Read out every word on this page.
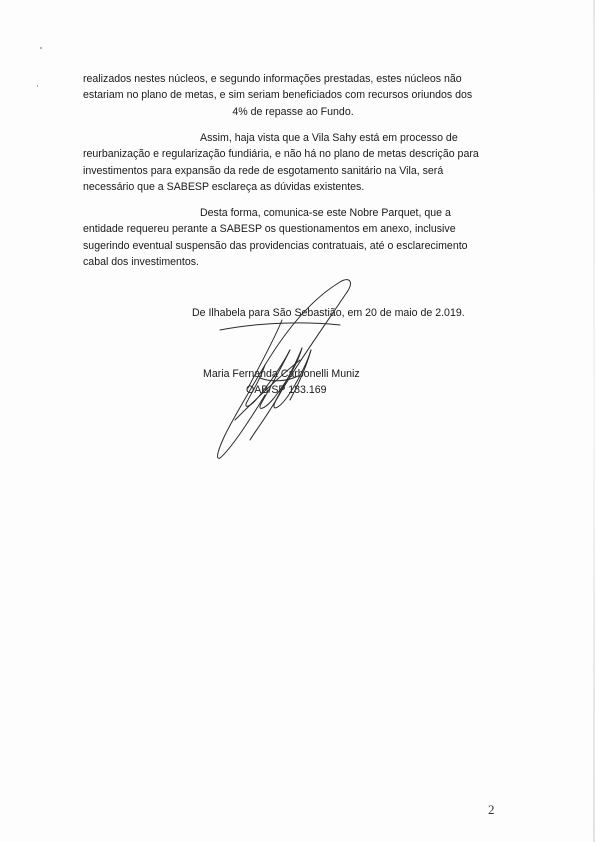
realizados nestes núcleos, e segundo informações prestadas, estes núcleos não

estariam no plano de metas, e sim seriam beneficiados com recursos oriundos dos

4% de repasse ao Fundo.

Assim, haja vista que a Vila Sahy está em processo de

reurbanização e regularização fundiária, e não há no plano de metas descrição para

investimentos para expansão da rede de esgotamento sanitário na Vila, será

necessário que a SABESP esclareça as dúvidas existentes.

Desta forma, comunica-se este Nobre Parquet, que a

entidade requereu perante a SABESP os questionamentos em anexo, inclusive

sugerindo eventual suspensão das providencias contratuais, até o esclarecimento

cabal dos investimentos.

De Ilhabela para São Sebastião, em 20 de maio de 2.019.
Maria Fernanda Carbonelli Muniz
OAB/SP 183.169
2
